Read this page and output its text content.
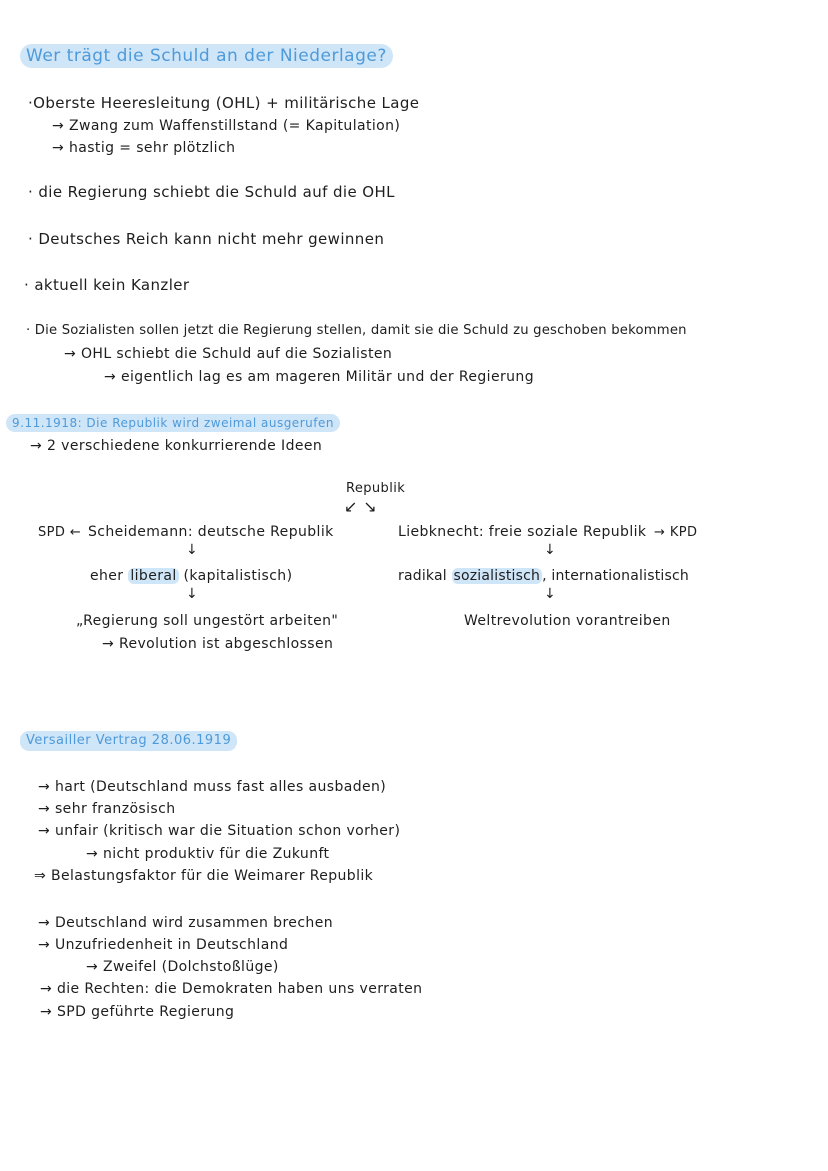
Wer trägt die Schuld an der Niederlage?
·Oberste Heeresleitung (OHL) + militärische Lage
→ Zwang zum Waffenstillstand (= Kapitulation)
→ hastig = sehr plötzlich
· die Regierung schiebt die Schuld auf die OHL
· Deutsches Reich kann nicht mehr gewinnen
· aktuell kein Kanzler
· Die Sozialisten sollen jetzt die Regierung stellen, damit sie die Schuld zu geschoben bekommen
→ OHL schiebt die Schuld auf die Sozialisten
→ eigentlich lag es am mageren Militär und der Regierung
9.11.1918: Die Republik wird zweimal ausgerufen
→ 2 verschiedene konkurrierende Ideen
Republik
↙ ↘
SPD ← Scheidemann: deutsche Republik
↓
eher liberal (kapitalistisch)
↓
„Regierung soll ungestört arbeiten"
→ Revolution ist abgeschlossen
Liebknecht: freie soziale Republik → KPD
↓
radikal sozialistisch , internationalistisch
↓
Weltrevolution vorantreiben
Versailler Vertrag 28.06.1919
→ hart (Deutschland muss fast alles ausbaden)
→ sehr französisch
→ unfair (kritisch war die Situation schon vorher)
→ nicht produktiv für die Zukunft
⇒ Belastungsfaktor für die Weimarer Republik
→ Deutschland wird zusammen brechen
→ Unzufriedenheit in Deutschland
→ Zweifel (Dolchstoßlüge)
→ die Rechten: die Demokraten haben uns verraten
→ SPD geführte Regierung
